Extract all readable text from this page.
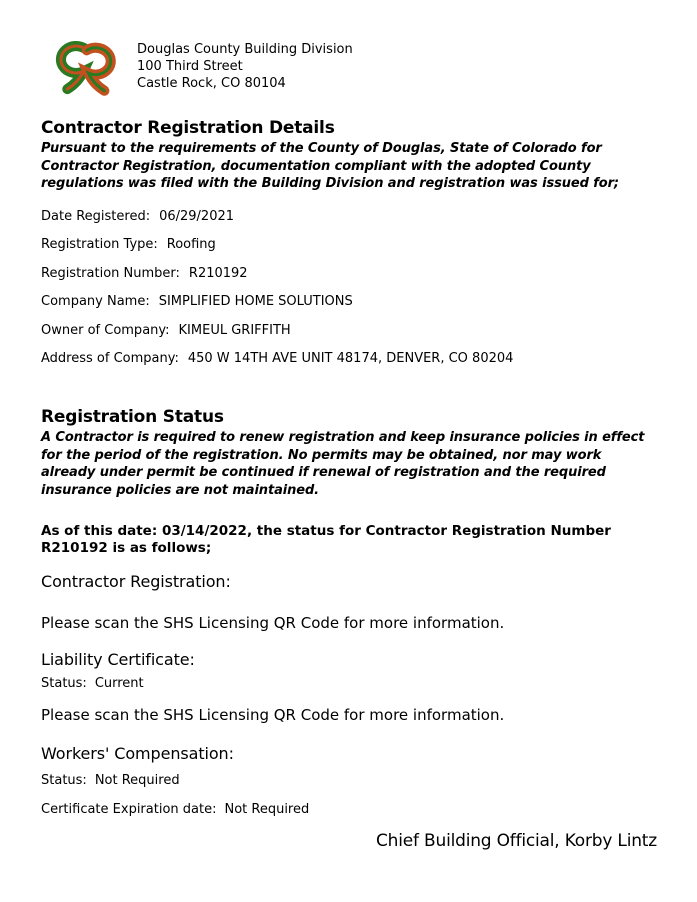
Douglas County Building Division
100 Third Street
Castle Rock, CO 80104
Contractor Registration Details

Pursuant to the requirements of the County of Douglas, State of Colorado for Contractor Registration, documentation compliant with the adopted County regulations was filed with the Building Division and registration was issued for;

Date Registered: 06/29/2021
Registration Type: Roofing
Registration Number: R210192
Company Name: SIMPLIFIED HOME SOLUTIONS
Owner of Company: KIMEUL GRIFFITH
Address of Company: 450 W 14TH AVE UNIT 48174, DENVER, CO 80204
Registration Status

A Contractor is required to renew registration and keep insurance policies in effect for the period of the registration. No permits may be obtained, nor may work already under permit be continued if renewal of registration and the required insurance policies are not maintained.

As of this date: 03/14/2022, the status for Contractor Registration Number R210192 is as follows;

Contractor Registration:

Please scan the SHS Licensing QR Code for more information.

Liability Certificate:
Status: Current

Please scan the SHS Licensing QR Code for more information.

Workers' Compensation:
Status: Not Required
Certificate Expiration date: Not Required
Chief Building Official, Korby Lintz
